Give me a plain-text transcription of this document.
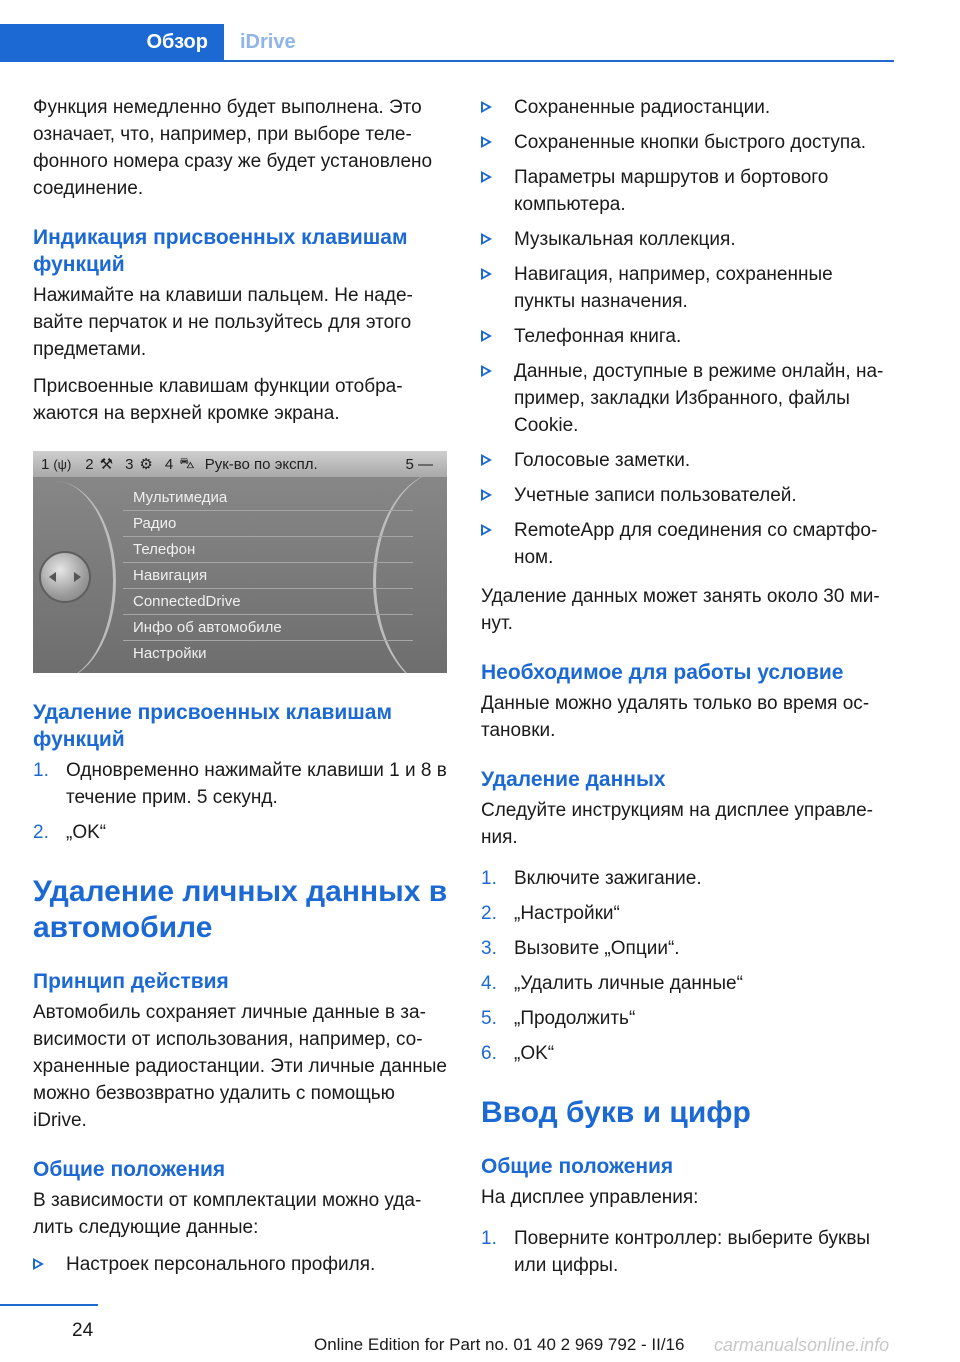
Обзор iDrive

Функция немедленно будет выполнена. Это означает, что, например, при выборе телефонного номера сразу же будет установлено соединение.

Индикация присвоенных клавишам функций

Нажимайте на клавиши пальцем. Не надевайте перчаток и не пользуйтесь для этого предметами.

Присвоенные клавишам функции отображаются на верхней кромке экрана.

1 (ψ) 2 ⚒ 3 ⚙ 4 ⛍ Рук-во по экспл.	5 —
Мультимедиа
Радио
Телефон
Навигация
ConnectedDrive
Инфо об автомобиле
Настройки
Удаление присвоенных клавишам функций
1. Одновременно нажимайте клавиши 1 и 8 в течение прим. 5 секунд.
2. „OK“
Удаление личных данных в автомобиле
Принцип действия

Автомобиль сохраняет личные данные в зависимости от использования, например, сохраненные радиостанции. Эти личные данные можно безвозвратно удалить с помощью iDrive.

Общие положения

В зависимости от комплектации можно удалить следующие данные:

Настроек персонального профиля.
Сохраненные радиостанции.
Сохраненные кнопки быстрого доступа.
Параметры маршрутов и бортового компьютера.
Музыкальная коллекция.
Навигация, например, сохраненные пункты назначения.
Телефонная книга.
Данные, доступные в режиме онлайн, например, закладки Избранного, файлы Cookie.
Голосовые заметки.
Учетные записи пользователей.
RemoteApp для соединения со смартфоном.

Удаление данных может занять около 30 минут.

Необходимое для работы условие

Данные можно удалять только во время остановки.

Удаление данных

Следуйте инструкциям на дисплее управления.

1. Включите зажигание.
2. „Настройки“
3. Вызовите „Опции“.
4. „Удалить личные данные“
5. „Продолжить“
6. „OK“
Ввод букв и цифр
Общие положения

На дисплее управления:

1. Поверните контроллер: выберите буквы или цифры.
24
Online Edition for Part no. 01 40 2 969 792 - II/16 carmanualsonline.info
